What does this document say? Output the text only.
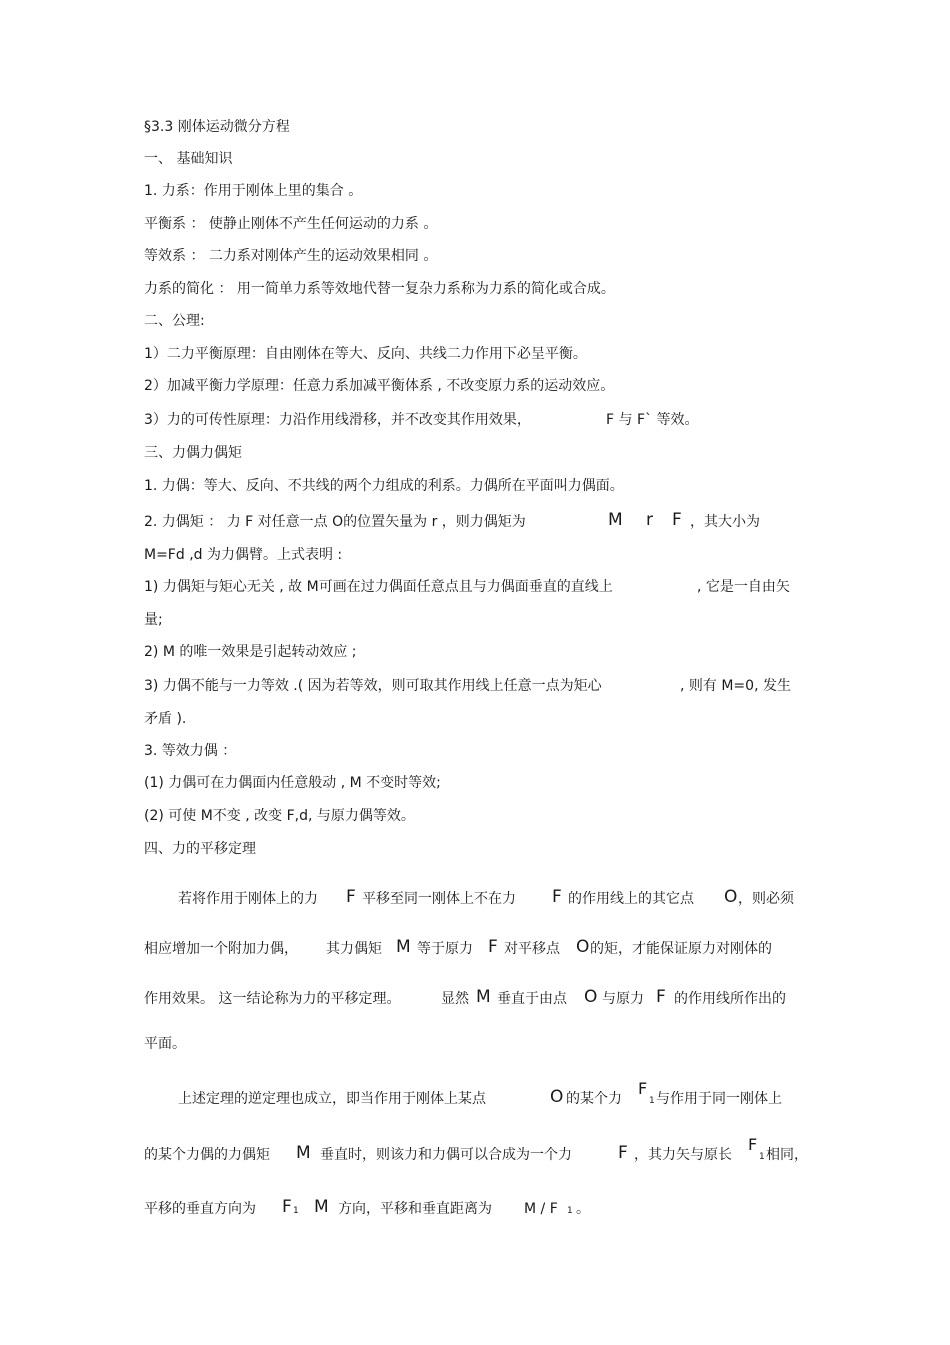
§3.3 刚体运动微分方程
一、 基础知识
1. 力系：作用于刚体上里的集合 。
平衡系 ： 使静止刚体不产生任何运动的力系 。
等效系 ： 二力系对刚体产生的运动效果相同 。
力系的简化 ： 用一简单力系等效地代替一复杂力系称为力系的简化或合成。
二、公理:
1）二力平衡原理：自由刚体在等大、反向、共线二力作用下必呈平衡。
2）加减平衡力学原理：任意力系加减平衡体系 , 不改变原力系的运动效应。
3）力的可传性原理：力沿作用线滑移，并不改变其作用效果，	F 与 F` 等效。
三、力偶力偶矩
1. 力偶：等大、反向、不共线的两个力组成的利系。力偶所在平面叫力偶面。
2. 力偶矩 ： 力 F 对任意一点 O的位置矢量为 r ，则力偶矩为	M r F ，其大小为
M=Fd ,d 为力偶臂。上式表明 :
1) 力偶矩与矩心无关 , 故 M可画在过力偶面任意点且与力偶面垂直的直线上	, 它是一自由矢
量;
2) M 的唯一效果是引起转动效应 ;
3) 力偶不能与一力等效 .( 因为若等效，则可取其作用线上任意一点为矩心	, 则有 M=0, 发生
矛盾 ).
3. 等效力偶 ：
(1) 力偶可在力偶面内任意般动 , M 不变时等效;
(2) 可使 M不变 , 改变 F,d, 与原力偶等效。
四、力的平移定理
若将作用于刚体上的力 F 平移至同一刚体上不在力 F 的作用线上的其它点 O ，则必须
相应增加一个附加力偶， 其力偶矩 M 等于原力 F 对平移点 O 的矩，才能保证原力对刚体的
作用效果。 这一结论称为力的平移定理。	显然 M 垂直于由点 O 与原力 F 的作用线所作出的
平面。
上述定理的逆定理也成立，即当作用于刚体上某点	O 的某个力
F
1 与作用于同一刚体上
的某个力偶的力偶矩 M 垂直时，则该力和力偶可以合成为一个力	F ，其力矢与原长
F
1 相同，
平移的垂直方向为 F 1 M 方向，平移和垂直距离为 M / F 1 。
